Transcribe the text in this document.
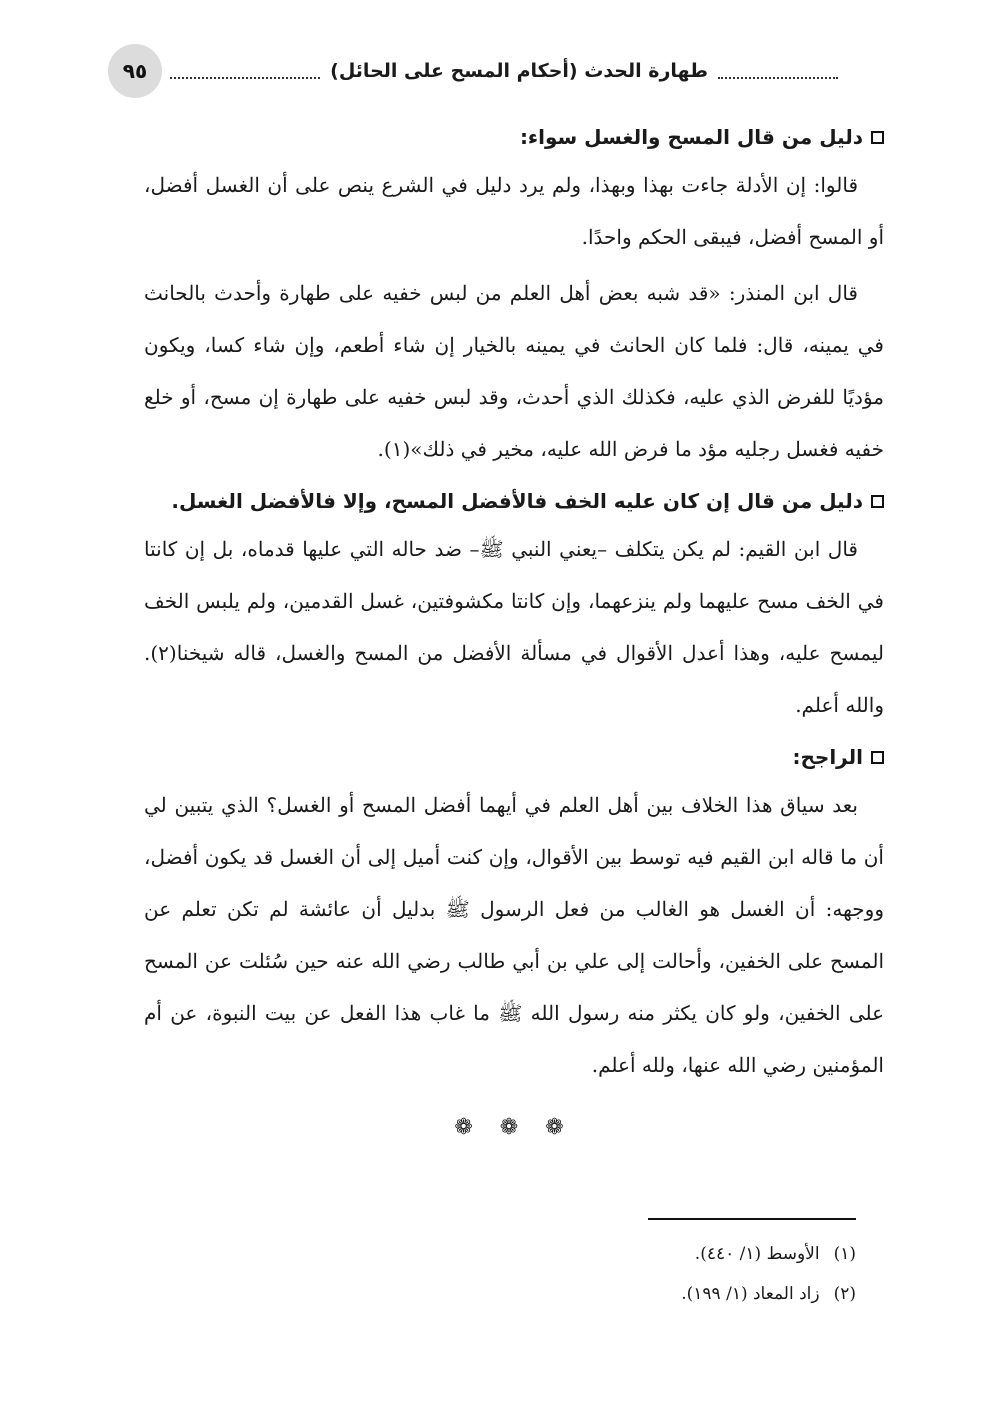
طهارة الحدث (أحكام المسح على الحائل)
٩٥
دليل من قال المسح والغسل سواء:

قالوا: إن الأدلة جاءت بهذا وبهذا، ولم يرد دليل في الشرع ينص على أن الغسل أفضل، أو المسح أفضل، فيبقى الحكم واحدًا.

قال ابن المنذر: «قد شبه بعض أهل العلم من لبس خفيه على طهارة وأحدث بالحانث في يمينه، قال: فلما كان الحانث في يمينه بالخيار إن شاء أطعم، وإن شاء كسا، ويكون مؤديًا للفرض الذي عليه، فكذلك الذي أحدث، وقد لبس خفيه على طهارة إن مسح، أو خلع خفيه فغسل رجليه مؤد ما فرض الله عليه، مخير في ذلك»(١).

دليل من قال إن كان عليه الخف فالأفضل المسح، وإلا فالأفضل الغسل.

قال ابن القيم: لم يكن يتكلف –يعني النبي ﷺ– ضد حاله التي عليها قدماه، بل إن كانتا في الخف مسح عليهما ولم ينزعهما، وإن كانتا مكشوفتين، غسل القدمين، ولم يلبس الخف ليمسح عليه، وهذا أعدل الأقوال في مسألة الأفضل من المسح والغسل، قاله شيخنا(٢). والله أعلم.

الراجح:

بعد سياق هذا الخلاف بين أهل العلم في أيهما أفضل المسح أو الغسل؟ الذي يتبين لي أن ما قاله ابن القيم فيه توسط بين الأقوال، وإن كنت أميل إلى أن الغسل قد يكون أفضل، ووجهه: أن الغسل هو الغالب من فعل الرسول ﷺ بدليل أن عائشة لم تكن تعلم عن المسح على الخفين، وأحالت إلى علي بن أبي طالب رضي الله عنه حين سُئلت عن المسح على الخفين، ولو كان يكثر منه رسول الله ﷺ ما غاب هذا الفعل عن بيت النبوة، عن أم المؤمنين رضي الله عنها، ولله أعلم.

❁ ❁ ❁
(١)
الأوسط (١/ ٤٤٠).
(٢)
زاد المعاد (١/ ١٩٩).
